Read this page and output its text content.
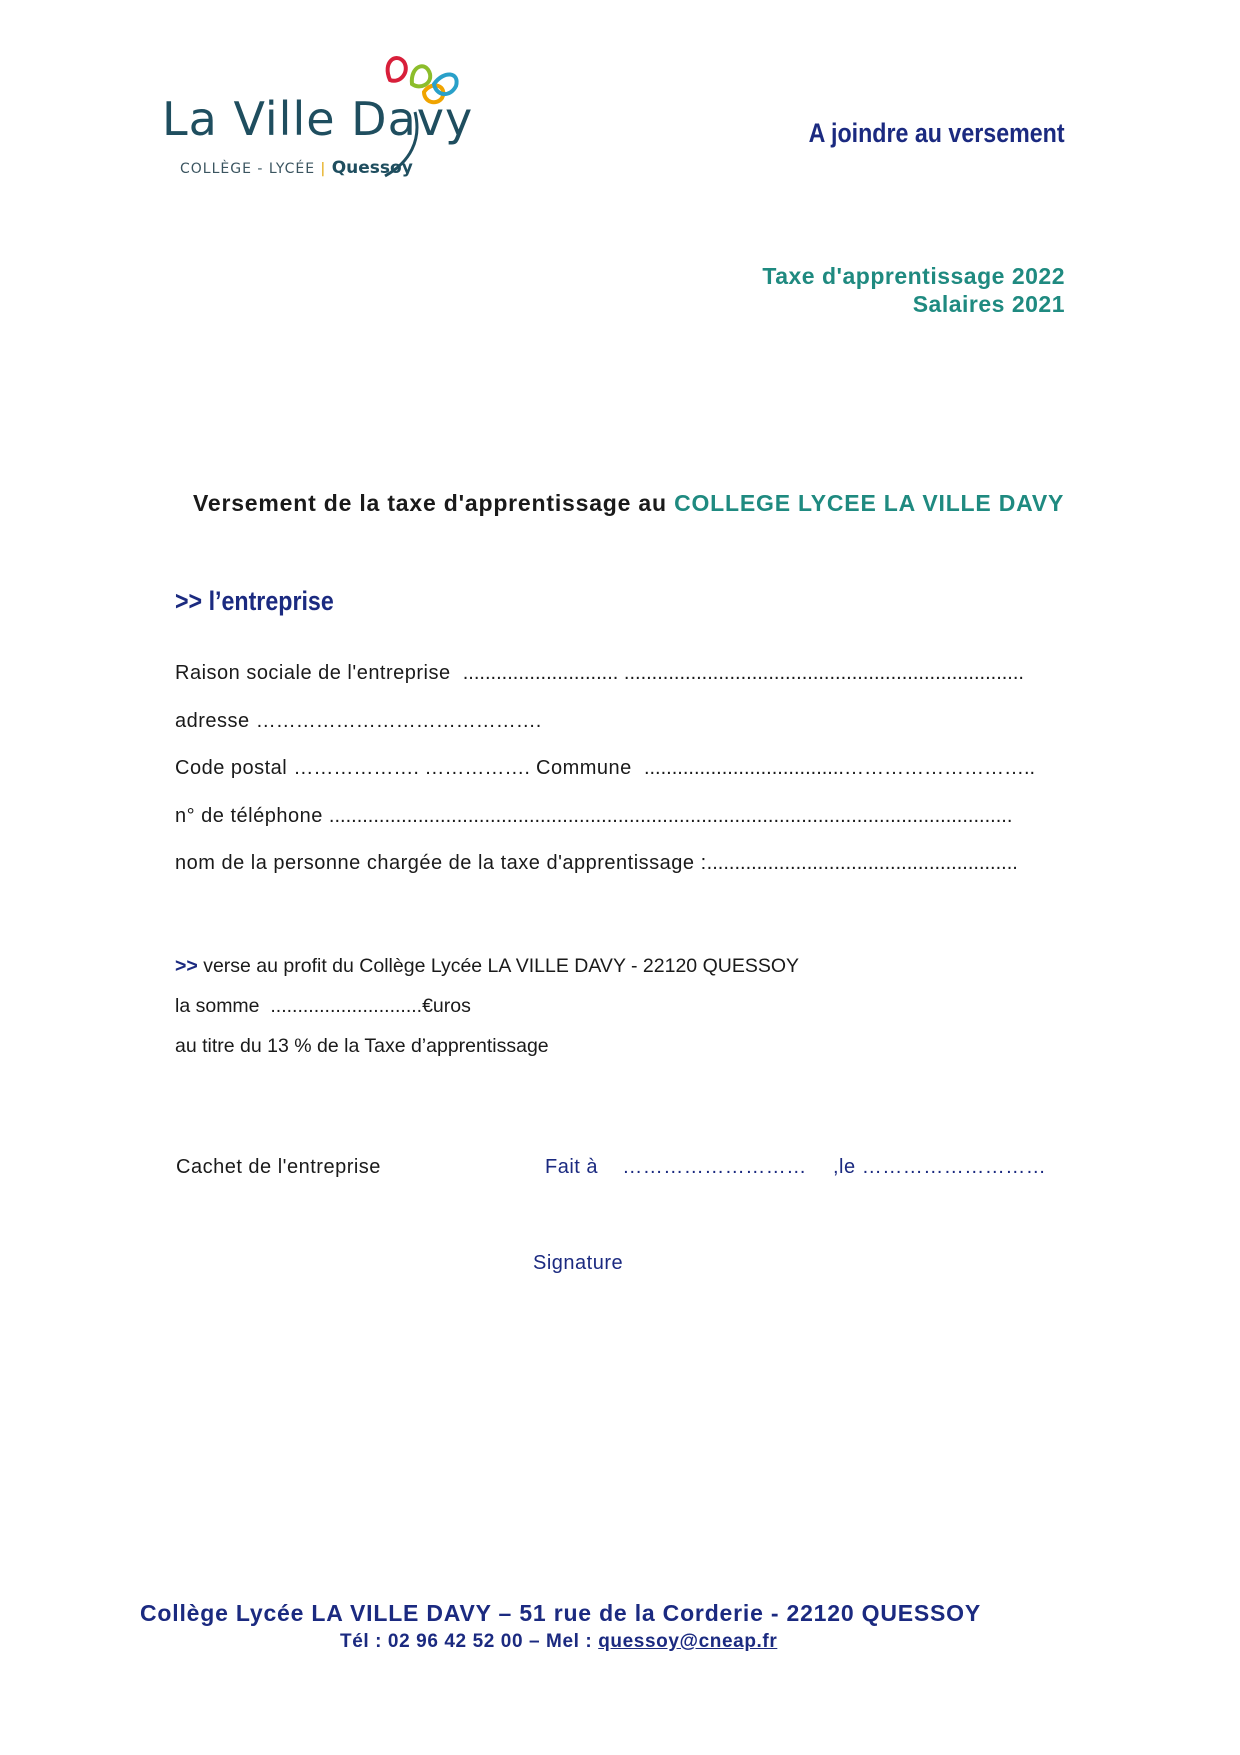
La Ville Davy
COLLÈGE - LYCÉE | Quessoy
A joindre au versement
Taxe d'apprentissage 2022
Salaires 2021
Versement de la taxe d'apprentissage au COLLEGE LYCEE LA VILLE DAVY
>> l’entreprise
Raison sociale de l'entreprise ............................ ........................................................................
adresse …………………………………….
Code postal ………………. ……………. Commune ....................................………………………..
n° de téléphone ...........................................................................................................................
nom de la personne chargée de la taxe d'apprentissage :........................................................
>> verse au profit du Collège Lycée LA VILLE DAVY - 22120 QUESSOY
la somme ............................€uros
au titre du 13 % de la Taxe d’apprentissage
Cachet de l'entreprise	Fait à ……………………… ,le ………………………
Signature
Collège Lycée LA VILLE DAVY – 51 rue de la Corderie - 22120 QUESSOY
Tél : 02 96 42 52 00 – Mel : quessoy@cneap.fr
